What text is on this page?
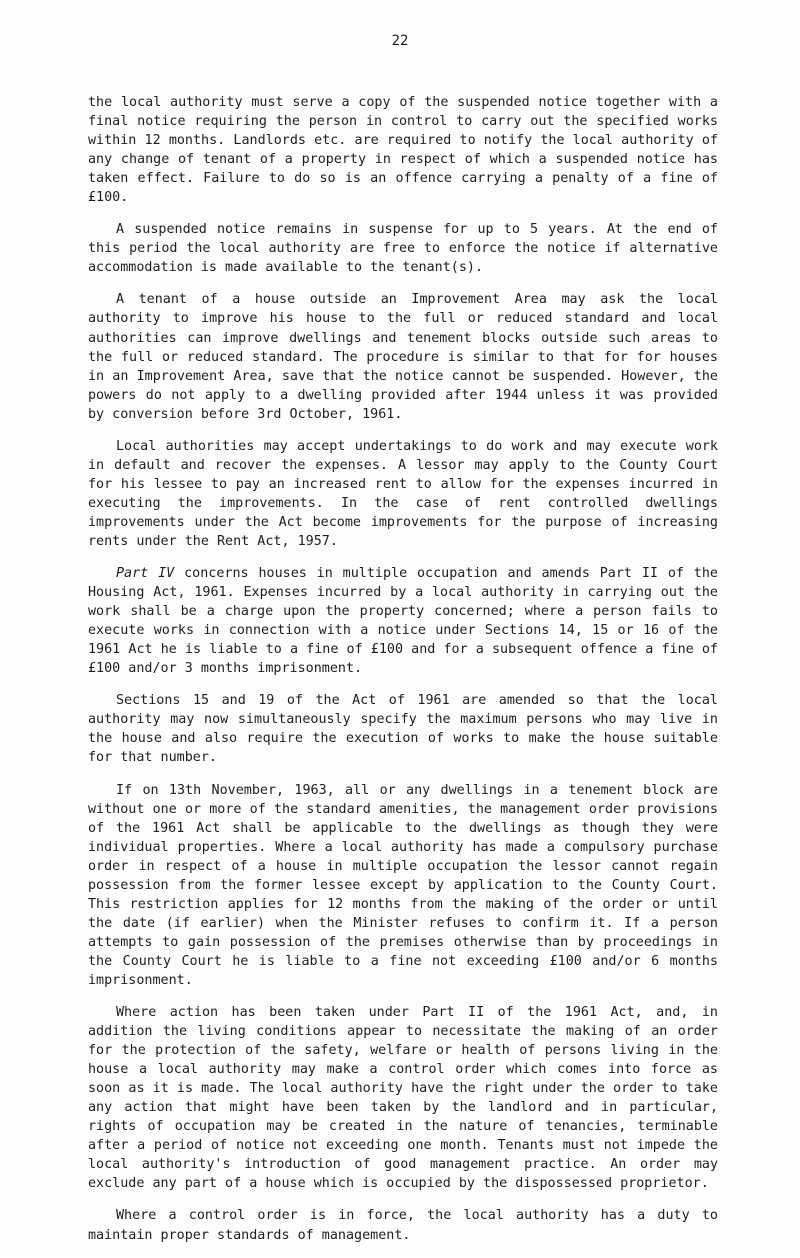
22

the local authority must serve a copy of the suspended notice together with a final notice requiring the person in control to carry out the specified works within 12 months. Landlords etc. are required to notify the local authority of any change of tenant of a property in respect of which a suspended notice has taken effect. Failure to do so is an offence carrying a penalty of a fine of £100.

A suspended notice remains in suspense for up to 5 years. At the end of this period the local authority are free to enforce the notice if alternative accommodation is made available to the tenant(s).

A tenant of a house outside an Improvement Area may ask the local authority to improve his house to the full or reduced standard and local authorities can improve dwellings and tenement blocks outside such areas to the full or reduced standard. The procedure is similar to that for for houses in an Improvement Area, save that the notice cannot be suspended. However, the powers do not apply to a dwelling provided after 1944 unless it was provided by conversion before 3rd October, 1961.

Local authorities may accept undertakings to do work and may execute work in default and recover the expenses. A lessor may apply to the County Court for his lessee to pay an increased rent to allow for the expenses incurred in executing the improvements. In the case of rent controlled dwellings improvements under the Act become improvements for the purpose of increasing rents under the Rent Act, 1957.

Part IV concerns houses in multiple occupation and amends Part II of the Housing Act, 1961. Expenses incurred by a local authority in carrying out the work shall be a charge upon the property concerned; where a person fails to execute works in connection with a notice under Sections 14, 15 or 16 of the 1961 Act he is liable to a fine of £100 and for a subsequent offence a fine of £100 and/or 3 months imprisonment.

Sections 15 and 19 of the Act of 1961 are amended so that the local authority may now simultaneously specify the maximum persons who may live in the house and also require the execution of works to make the house suitable for that number.

If on 13th November, 1963, all or any dwellings in a tenement block are without one or more of the standard amenities, the management order provisions of the 1961 Act shall be applicable to the dwellings as though they were individual properties. Where a local authority has made a compulsory purchase order in respect of a house in multiple occupation the lessor cannot regain possession from the former lessee except by application to the County Court. This restriction applies for 12 months from the making of the order or until the date (if earlier) when the Minister refuses to confirm it. If a person attempts to gain possession of the premises otherwise than by proceedings in the County Court he is liable to a fine not exceeding £100 and/or 6 months imprisonment.

Where action has been taken under Part II of the 1961 Act, and, in addition the living conditions appear to necessitate the making of an order for the protection of the safety, welfare or health of persons living in the house a local authority may make a control order which comes into force as soon as it is made. The local authority have the right under the order to take any action that might have been taken by the landlord and in particular, rights of occupation may be created in the nature of tenancies, terminable after a period of notice not exceeding one month. Tenants must not impede the local authority's introduction of good management practice. An order may exclude any part of a house which is occupied by the dispossessed proprietor.

Where a control order is in force, the local authority has a duty to maintain proper standards of management.
